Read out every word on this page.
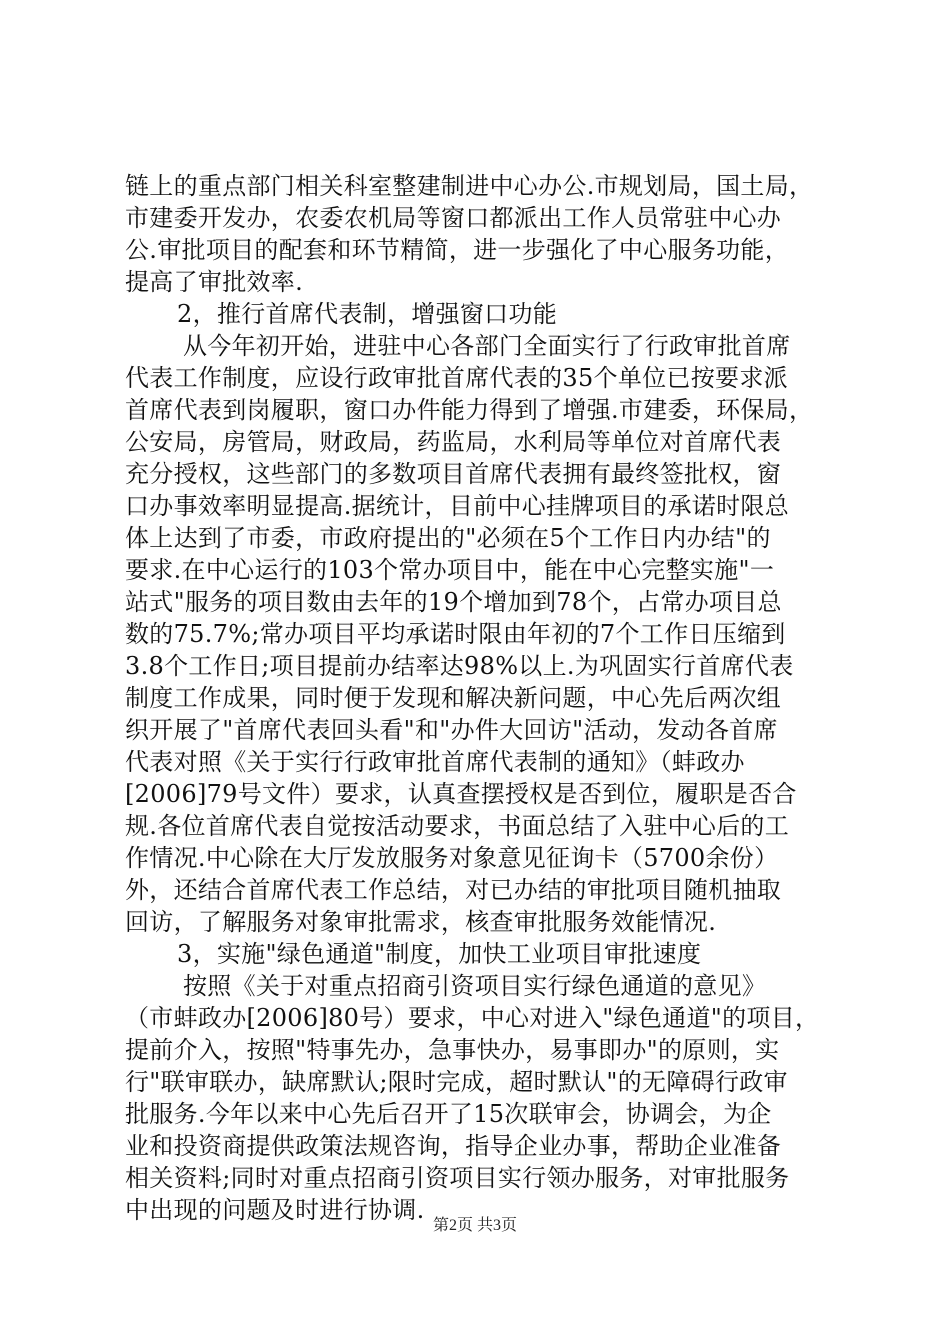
链上的重点部门相关科室整建制进中心办公.市规划局，国土局，
市建委开发办，农委农机局等窗口都派出工作人员常驻中心办
公.审批项目的配套和环节精简，进一步强化了中心服务功能，
提高了审批效率.
2，推行首席代表制，增强窗口功能
从今年初开始，进驻中心各部门全面实行了行政审批首席
代表工作制度，应设行政审批首席代表的35个单位已按要求派
首席代表到岗履职，窗口办件能力得到了增强.市建委，环保局，
公安局，房管局，财政局，药监局，水利局等单位对首席代表
充分授权，这些部门的多数项目首席代表拥有最终签批权，窗
口办事效率明显提高.据统计，目前中心挂牌项目的承诺时限总
体上达到了市委，市政府提出的"必须在5个工作日内办结"的
要求.在中心运行的103个常办项目中，能在中心完整实施"一
站式"服务的项目数由去年的19个增加到78个，占常办项目总
数的75.7%;常办项目平均承诺时限由年初的7个工作日压缩到
3.8个工作日;项目提前办结率达98%以上.为巩固实行首席代表
制度工作成果，同时便于发现和解决新问题，中心先后两次组
织开展了"首席代表回头看"和"办件大回访"活动，发动各首席
代表对照《关于实行行政审批首席代表制的通知》（蚌政办
[2006]79号文件）要求，认真查摆授权是否到位，履职是否合
规.各位首席代表自觉按活动要求，书面总结了入驻中心后的工
作情况.中心除在大厅发放服务对象意见征询卡（5700余份）
外，还结合首席代表工作总结，对已办结的审批项目随机抽取
回访，了解服务对象审批需求，核查审批服务效能情况.
3，实施"绿色通道"制度，加快工业项目审批速度
按照《关于对重点招商引资项目实行绿色通道的意见》
（市蚌政办[2006]80号）要求，中心对进入"绿色通道"的项目，
提前介入，按照"特事先办，急事快办，易事即办"的原则，实
行"联审联办，缺席默认;限时完成，超时默认"的无障碍行政审
批服务.今年以来中心先后召开了15次联审会，协调会，为企
业和投资商提供政策法规咨询，指导企业办事，帮助企业准备
相关资料;同时对重点招商引资项目实行领办服务，对审批服务
中出现的问题及时进行协调.
第2页 共3页
